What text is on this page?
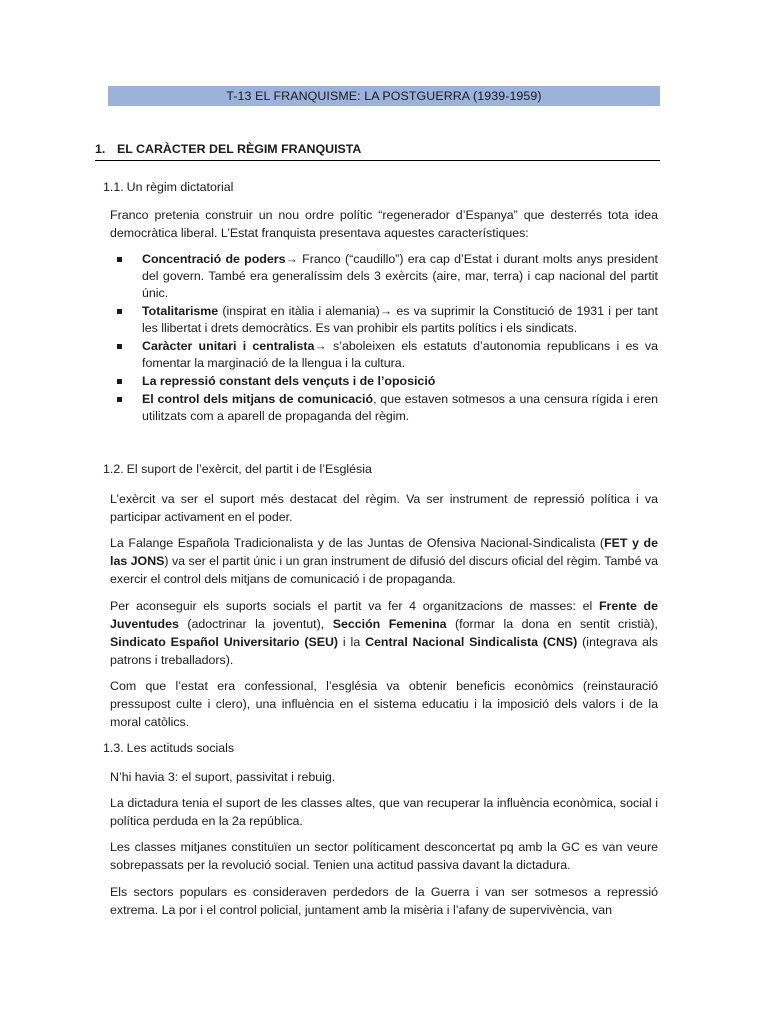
T-13 EL FRANQUISME: LA POSTGUERRA (1939-1959)
1. EL CARÀCTER DEL RÈGIM FRANQUISTA
1.1. Un règim dictatorial

Franco pretenia construir un nou ordre polític “regenerador d’Espanya” que desterrés tota idea democràtica liberal. L’Estat franquista presentava aquestes característiques:

Concentració de poders→ Franco (“caudillo”) era cap d’Estat i durant molts anys president del govern. També era generalíssim dels 3 exèrcits (aire, mar, terra) i cap nacional del partit únic.
Totalitarisme (inspirat en itàlia i alemania)→ es va suprimir la Constitució de 1931 i per tant les llibertat i drets democràtics. Es van prohibir els partits polítics i els sindicats.
Caràcter unitari i centralista→ s’aboleixen els estatuts d’autonomia republicans i es va fomentar la marginació de la llengua i la cultura.
La repressió constant dels vençuts i de l’oposició
El control dels mitjans de comunicació, que estaven sotmesos a una censura rígida i eren utilitzats com a aparell de propaganda del règim.
1.2. El suport de l’exèrcit, del partit i de l’Església

L’exèrcit va ser el suport més destacat del règim. Va ser instrument de repressió política i va participar activament en el poder.

La Falange Española Tradicionalista y de las Juntas de Ofensiva Nacional-Sindicalista (FET y de las JONS) va ser el partit únic i un gran instrument de difusió del discurs oficial del règim. També va exercir el control dels mitjans de comunicació i de propaganda.

Per aconseguir els suports socials el partit va fer 4 organitzacions de masses: el Frente de Juventudes (adoctrinar la joventut), Sección Femenina (formar la dona en sentit cristià), Sindicato Español Universitario (SEU) i la Central Nacional Sindicalista (CNS) (integrava als patrons i treballadors).

Com que l’estat era confessional, l’església va obtenir beneficis econòmics (reinstauració pressupost culte i clero), una influència en el sistema educatiu i la imposició dels valors i de la moral catòlics.

1.3. Les actituds socials

N’hi havia 3: el suport, passivitat i rebuig.

La dictadura tenia el suport de les classes altes, que van recuperar la influència econòmica, social i política perduda en la 2a república.

Les classes mitjanes constituïen un sector políticament desconcertat pq amb la GC es van veure sobrepassats per la revolució social. Tenien una actitud passiva davant la dictadura.

Els sectors populars es consideraven perdedors de la Guerra i van ser sotmesos a repressió extrema. La por i el control policial, juntament amb la misèria i l’afany de supervivència, van
